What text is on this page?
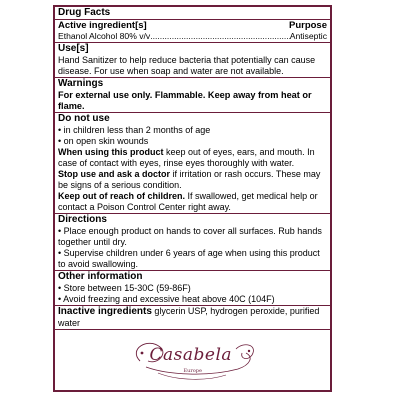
Drug Facts
Active ingredient[s]	Purpose
Ethanol Alcohol 80% v/v
.....	Antiseptic
Use[s]
Hand Sanitizer to help reduce bacteria that potentially can cause disease. For use when soap and water are not available.
Warnings
For external use only. Flammable. Keep away from heat or flame.
Do not use
• in children less than 2 months of age
• on open skin wounds
When using this product keep out of eyes, ears, and mouth. In case of contact with eyes, rinse eyes thoroughly with water.
Stop use and ask a doctor if irritation or rash occurs. These may be signs of a serious condition.
Keep out of reach of children. If swallowed, get medical help or contact a Poison Control Center right away.
Directions
• Place enough product on hands to cover all surfaces. Rub hands together until dry.
• Supervise children under 6 years of age when using this product to avoid swallowing.
Other information
• Store between 15-30C (59-86F)
• Avoid freezing and excessive heat above 40C (104F)
Inactive ingredients glycerin USP, hydrogen peroxide, purified water
Casabela
Europe
